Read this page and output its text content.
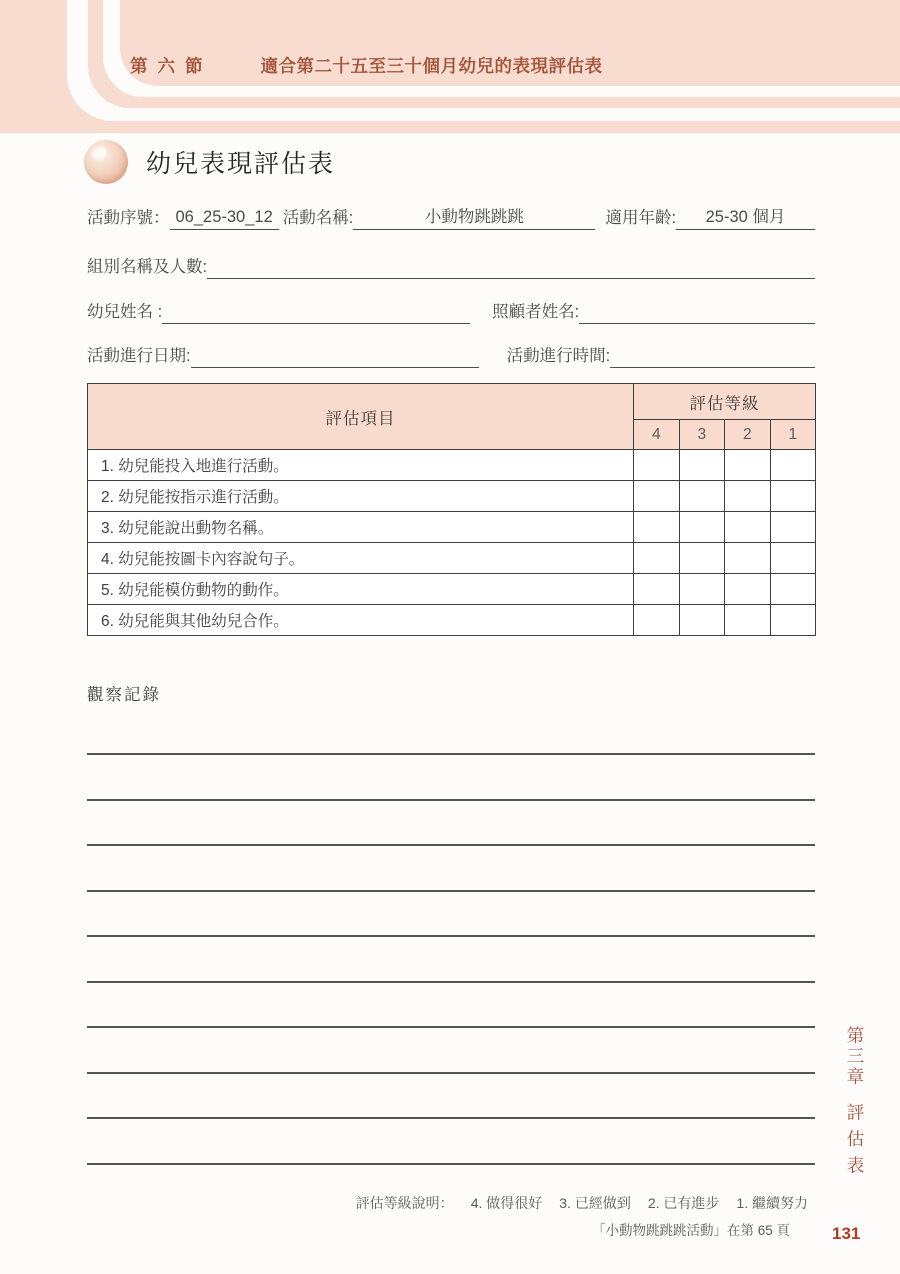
第六節	適合第二十五至三十個月幼兒的表現評估表
幼兒表現評估表
活動序號： 06_25-30_12 活動名稱:	小動物跳跳跳	適用年齡:	25-30 個月
組別名稱及人數:
幼兒姓名 :	照顧者姓名:
活動進行日期:	活動進行時間:
評估項目	評估等級			
	4	3	2	1
1. 幼兒能投入地進行活動。				
2. 幼兒能按指示進行活動。				
3. 幼兒能說出動物名稱。				
4. 幼兒能按圖卡內容說句子。				
5. 幼兒能模仿動物的動作。				
6. 幼兒能與其他幼兒合作。				
觀察記錄
評估等級說明： 4. 做得很好 3. 已經做到 2. 已有進步 1. 繼續努力
「小動物跳跳跳活動」在第 65 頁 131
第三章
評估表
